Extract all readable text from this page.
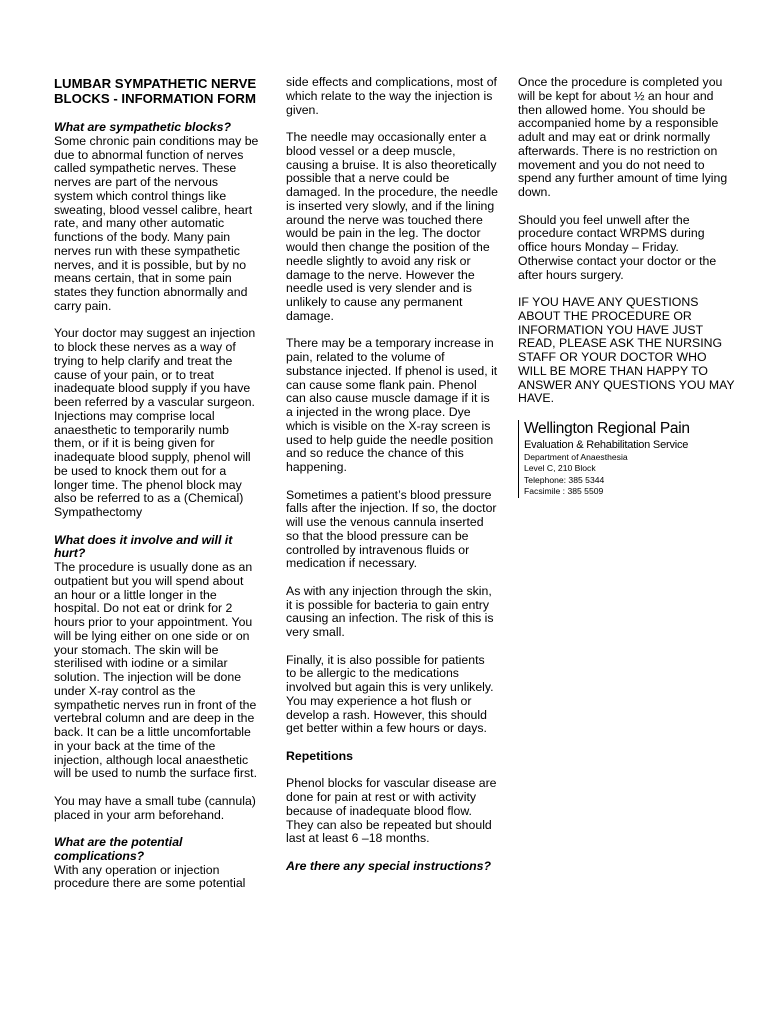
LUMBAR SYMPATHETIC NERVE BLOCKS - INFORMATION FORM

What are sympathetic blocks?
Some chronic pain conditions may be due to abnormal function of nerves called sympathetic nerves. These nerves are part of the nervous system which control things like sweating, blood vessel calibre, heart rate, and many other automatic functions of the body. Many pain nerves run with these sympathetic nerves, and it is possible, but by no means certain, that in some pain states they function abnormally and carry pain.

Your doctor may suggest an injection to block these nerves as a way of trying to help clarify and treat the cause of your pain, or to treat inadequate blood supply if you have been referred by a vascular surgeon. Injections may comprise local anaesthetic to temporarily numb them, or if it is being given for inadequate blood supply, phenol will be used to knock them out for a longer time. The phenol block may also be referred to as a (Chemical) Sympathectomy

What does it involve and will it hurt?
The procedure is usually done as an outpatient but you will spend about an hour or a little longer in the hospital. Do not eat or drink for 2 hours prior to your appointment. You will be lying either on one side or on your stomach. The skin will be sterilised with iodine or a similar solution. The injection will be done under X-ray control as the sympathetic nerves run in front of the vertebral column and are deep in the back. It can be a little uncomfortable in your back at the time of the injection, although local anaesthetic will be used to numb the surface first.

You may have a small tube (cannula) placed in your arm beforehand.

What are the potential complications?
With any operation or injection procedure there are some potential

side effects and complications, most of which relate to the way the injection is given.

The needle may occasionally enter a blood vessel or a deep muscle, causing a bruise. It is also theoretically possible that a nerve could be damaged. In the procedure, the needle is inserted very slowly, and if the lining around the nerve was touched there would be pain in the leg. The doctor would then change the position of the needle slightly to avoid any risk or damage to the nerve. However the needle used is very slender and is unlikely to cause any permanent damage.

There may be a temporary increase in pain, related to the volume of substance injected. If phenol is used, it can cause some flank pain. Phenol can also cause muscle damage if it is a injected in the wrong place. Dye which is visible on the X-ray screen is used to help guide the needle position and so reduce the chance of this happening.

Sometimes a patient’s blood pressure falls after the injection. If so, the doctor will use the venous cannula inserted so that the blood pressure can be controlled by intravenous fluids or medication if necessary.

As with any injection through the skin, it is possible for bacteria to gain entry causing an infection. The risk of this is very small.

Finally, it is also possible for patients to be allergic to the medications involved but again this is very unlikely. You may experience a hot flush or develop a rash. However, this should get better within a few hours or days.

Repetitions

Phenol blocks for vascular disease are done for pain at rest or with activity because of inadequate blood flow. They can also be repeated but should last at least 6 –18 months.

Are there any special instructions?

Once the procedure is completed you will be kept for about ½ an hour and then allowed home. You should be accompanied home by a responsible adult and may eat or drink normally afterwards. There is no restriction on movement and you do not need to spend any further amount of time lying down.

Should you feel unwell after the procedure contact WRPMS during office hours Monday – Friday. Otherwise contact your doctor or the after hours surgery.

IF YOU HAVE ANY QUESTIONS ABOUT THE PROCEDURE OR INFORMATION YOU HAVE JUST READ, PLEASE ASK THE NURSING STAFF OR YOUR DOCTOR WHO WILL BE MORE THAN HAPPY TO ANSWER ANY QUESTIONS YOU MAY HAVE.

Wellington Regional Pain
Evaluation & Rehabilitation Service
Department of Anaesthesia
Level C, 210 Block
Telephone: 385 5344
Facsimile : 385 5509
